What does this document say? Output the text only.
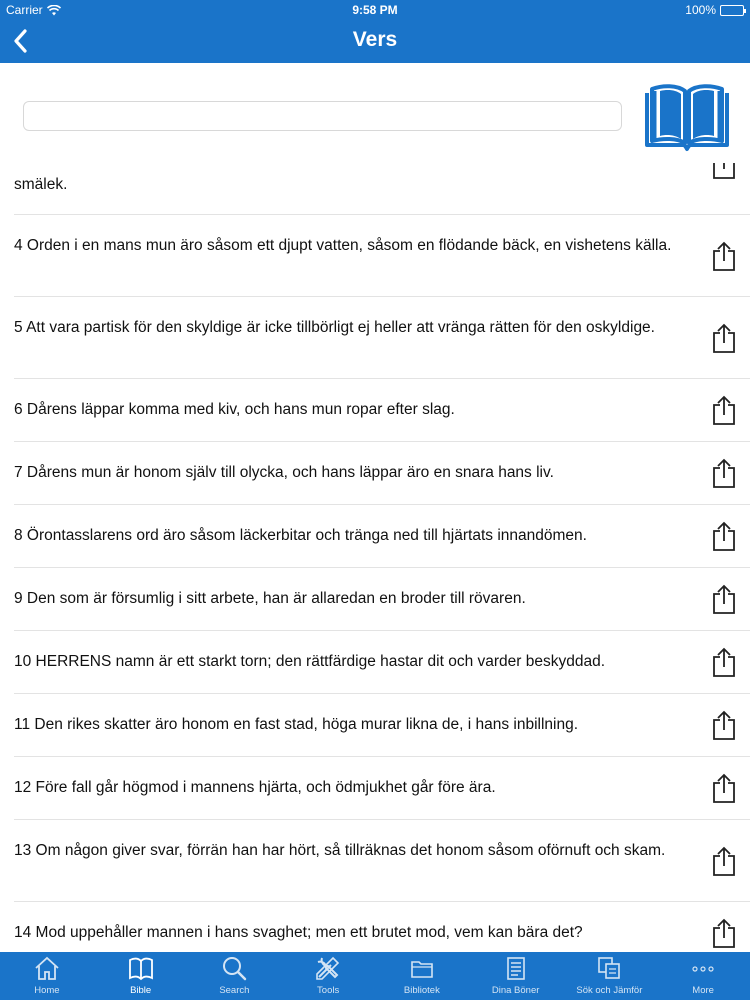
Carrier	9:58 PM	100%
Vers
smälek.
4 Orden i en mans mun äro såsom ett djupt vatten, såsom en flödande bäck, en vishetens källa.
5 Att vara partisk för den skyldige är icke tillbörligt ej heller att vränga rätten för den oskyldige.
6 Dårens läppar komma med kiv, och hans mun ropar efter slag.
7 Dårens mun är honom själv till olycka, och hans läppar äro en snara hans liv.
8 Örontasslarens ord äro såsom läckerbitar och tränga ned till hjärtats innandömen.
9 Den som är försumlig i sitt arbete, han är allaredan en broder till rövaren.
10 HERRENS namn är ett starkt torn; den rättfärdige hastar dit och varder beskyddad.
11 Den rikes skatter äro honom en fast stad, höga murar likna de, i hans inbillning.
12 Före fall går högmod i mannens hjärta, och ödmjukhet går före ära.
13 Om någon giver svar, förrän han har hört, så tillräknas det honom såsom oförnuft och skam.
14 Mod uppehåller mannen i hans svaghet; men ett brutet mod, vem kan bära det?
Home	Bible	Search	Tools	Bibliotek	Dina Böner	Sök och Jämför	More
